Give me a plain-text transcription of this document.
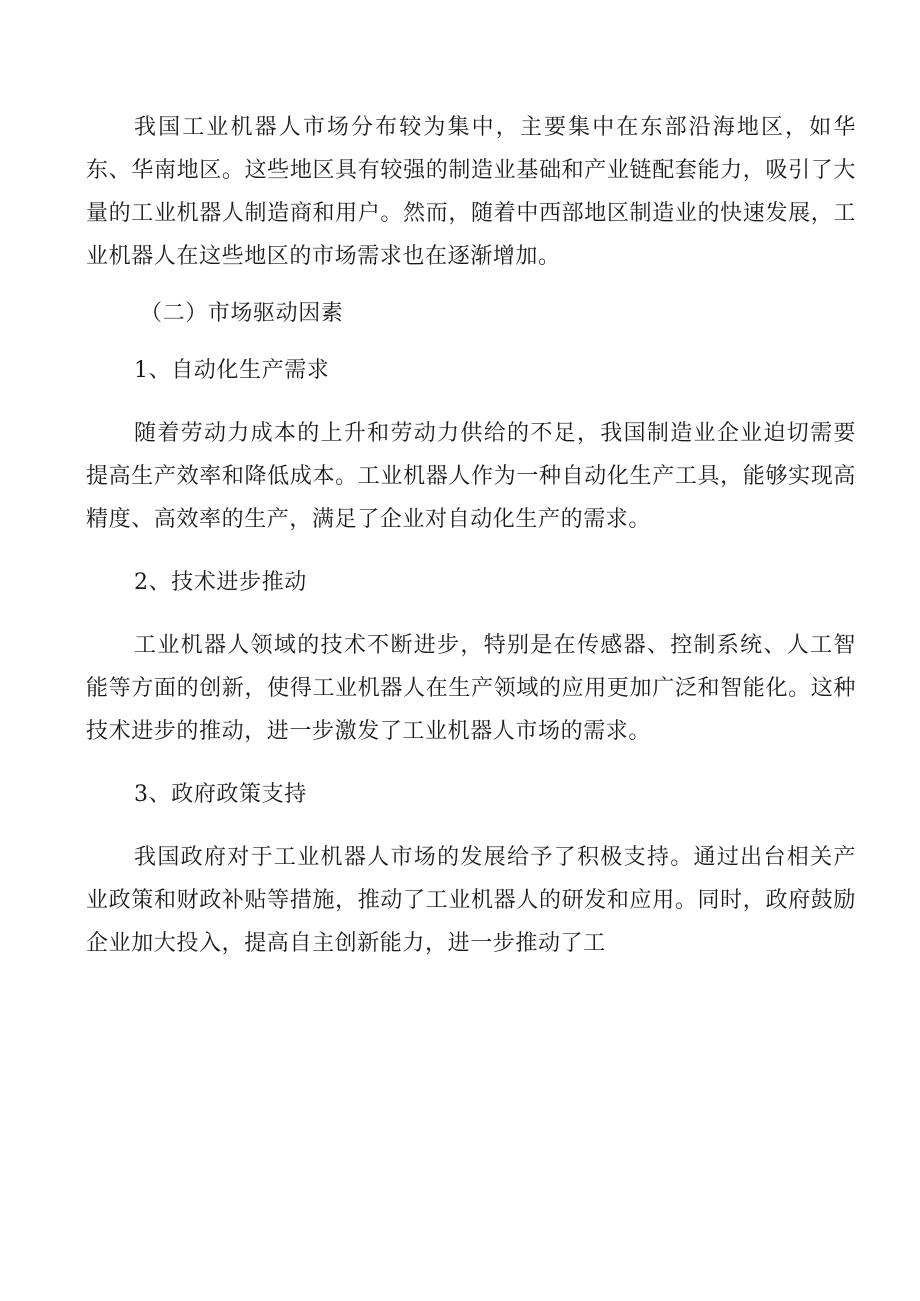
我国工业机器人市场分布较为集中，主要集中在东部沿海地区，如华东、华南地区。这些地区具有较强的制造业基础和产业链配套能力，吸引了大量的工业机器人制造商和用户。然而，随着中西部地区制造业的快速发展，工业机器人在这些地区的市场需求也在逐渐增加。

（二）市场驱动因素

1、自动化生产需求

随着劳动力成本的上升和劳动力供给的不足，我国制造业企业迫切需要提高生产效率和降低成本。工业机器人作为一种自动化生产工具，能够实现高精度、高效率的生产，满足了企业对自动化生产的需求。

2、技术进步推动

工业机器人领域的技术不断进步，特别是在传感器、控制系统、人工智能等方面的创新，使得工业机器人在生产领域的应用更加广泛和智能化。这种技术进步的推动，进一步激发了工业机器人市场的需求。

3、政府政策支持

我国政府对于工业机器人市场的发展给予了积极支持。通过出台相关产业政策和财政补贴等措施，推动了工业机器人的研发和应用。同时，政府鼓励企业加大投入，提高自主创新能力，进一步推动了工
